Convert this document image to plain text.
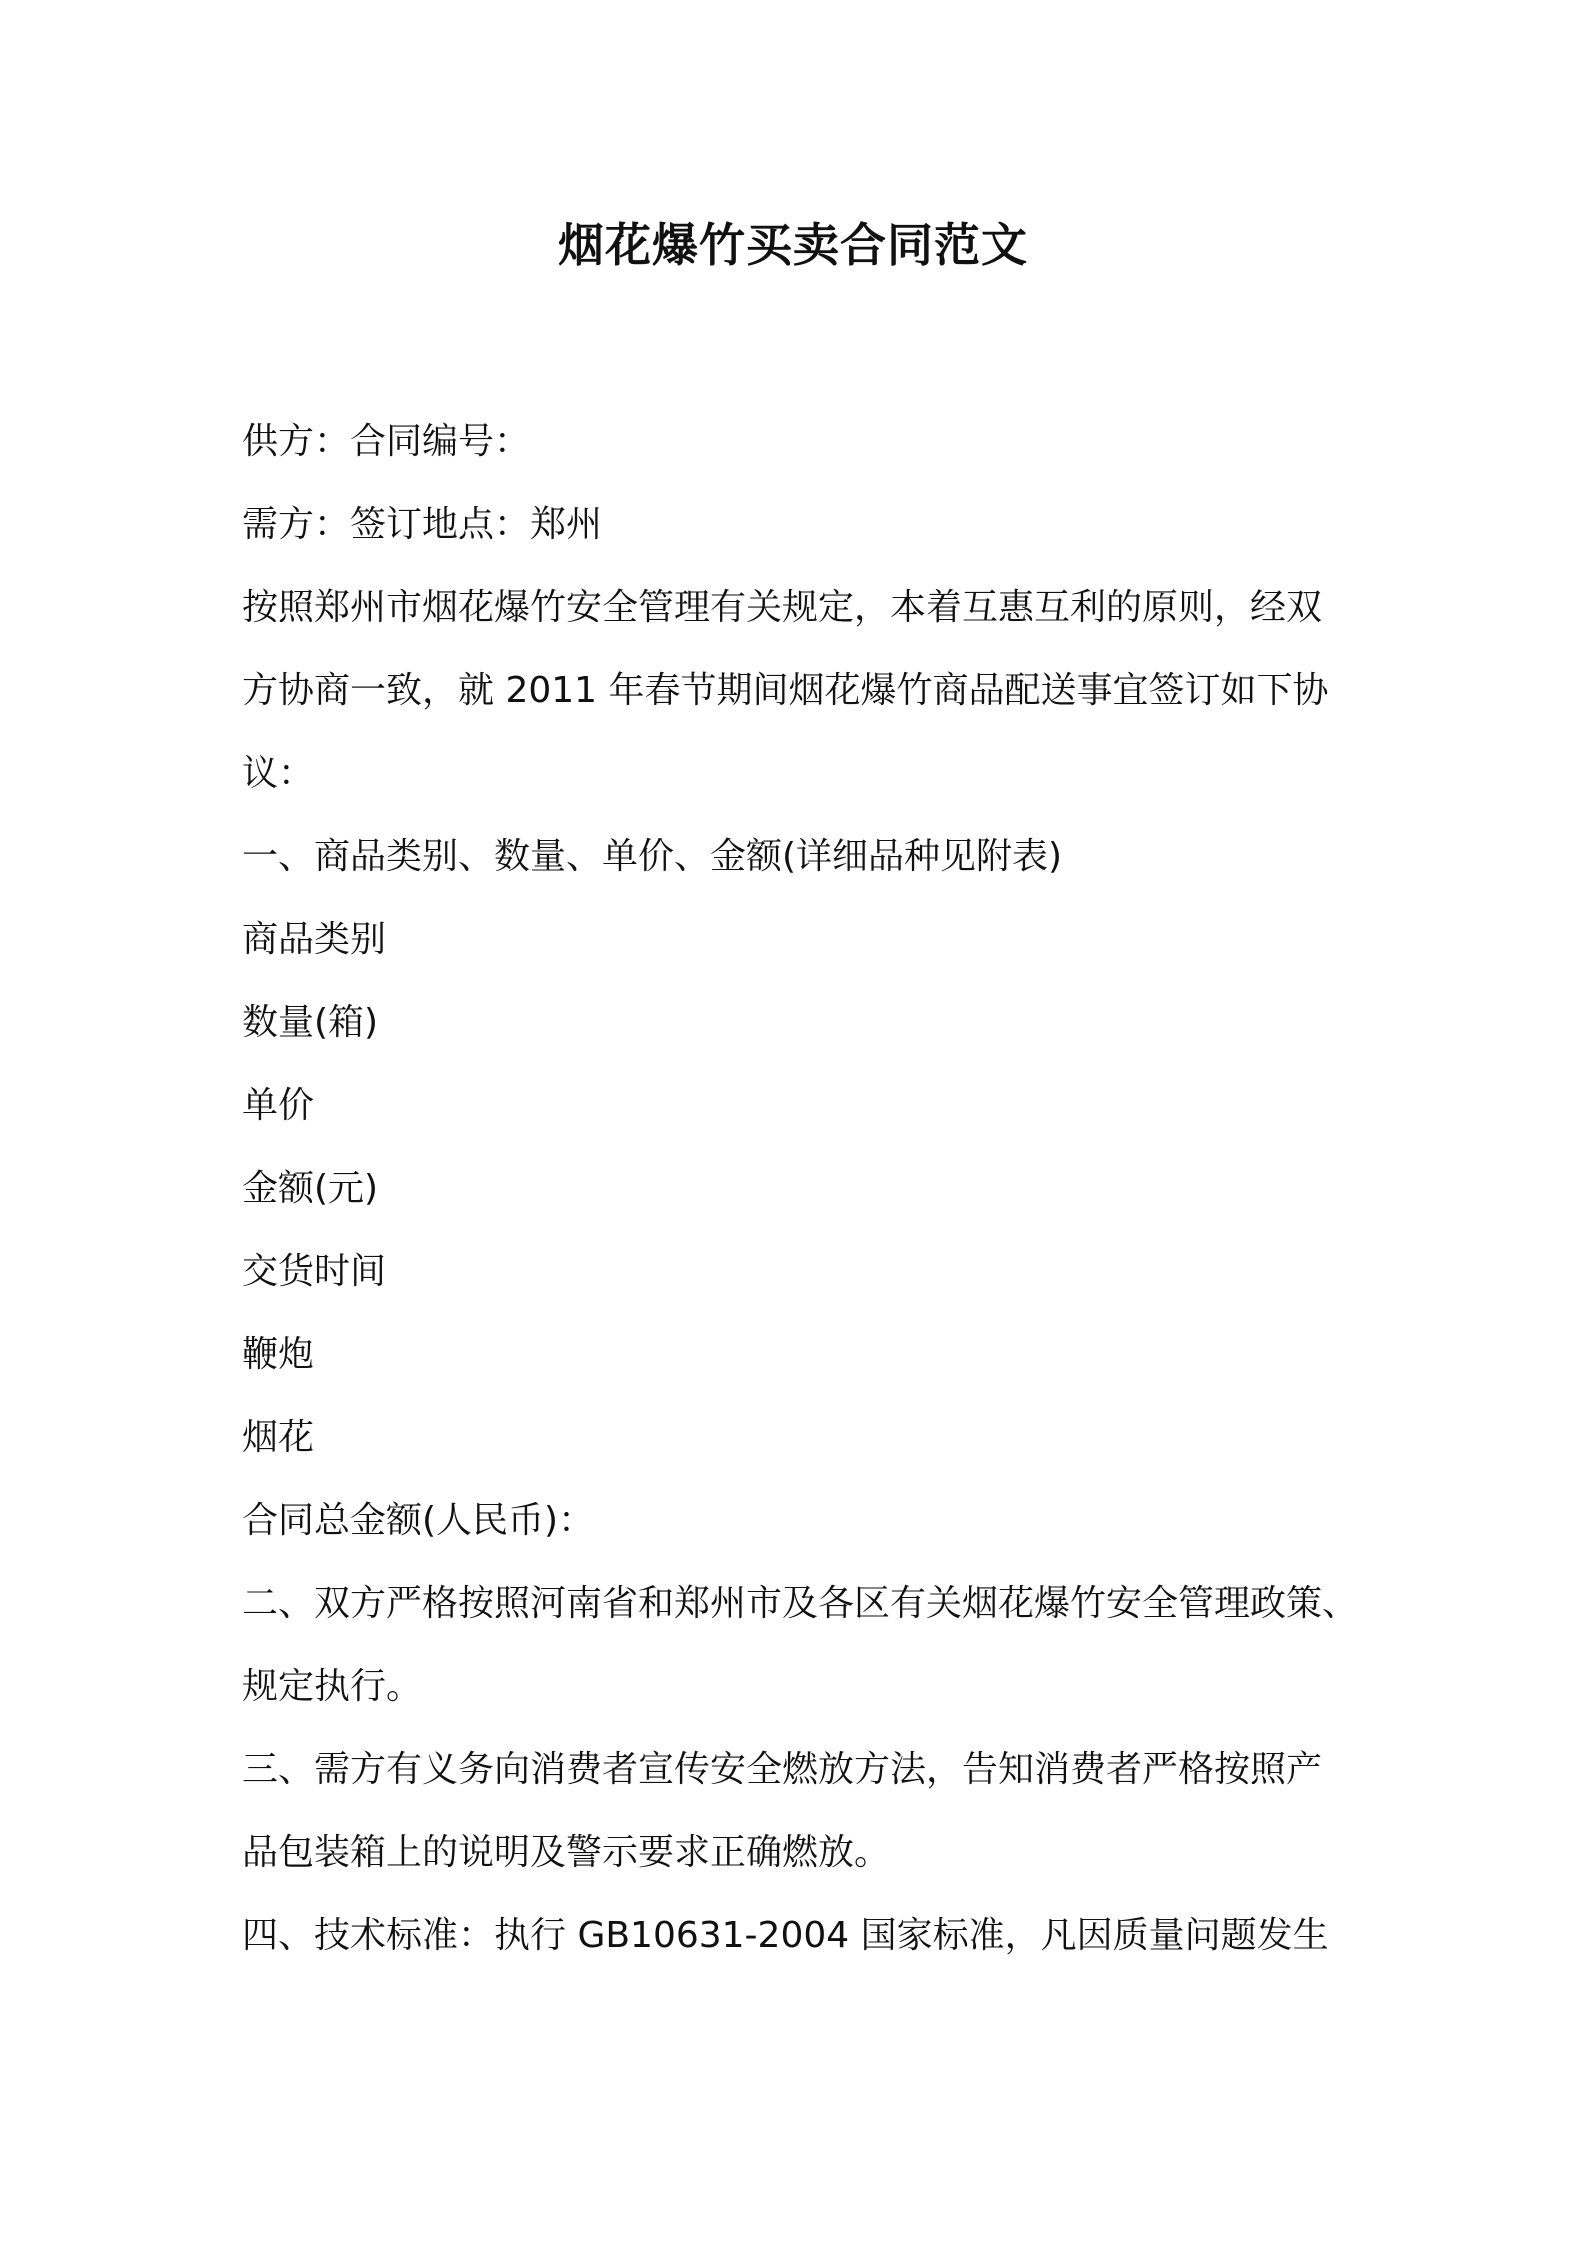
烟花爆竹买卖合同范文

供方：合同编号：

需方：签订地点：郑州

按照郑州市烟花爆竹安全管理有关规定，本着互惠互利的原则，经双

方协商一致，就 2011 年春节期间烟花爆竹商品配送事宜签订如下协

议：

一、商品类别、数量、单价、金额(详细品种见附表)

商品类别

数量(箱)

单价

金额(元)

交货时间

鞭炮

烟花

合同总金额(人民币)：

二、双方严格按照河南省和郑州市及各区有关烟花爆竹安全管理政策、

规定执行。

三、需方有义务向消费者宣传安全燃放方法，告知消费者严格按照产

品包装箱上的说明及警示要求正确燃放。

四、技术标准：执行 GB10631-2004 国家标准，凡因质量问题发生
